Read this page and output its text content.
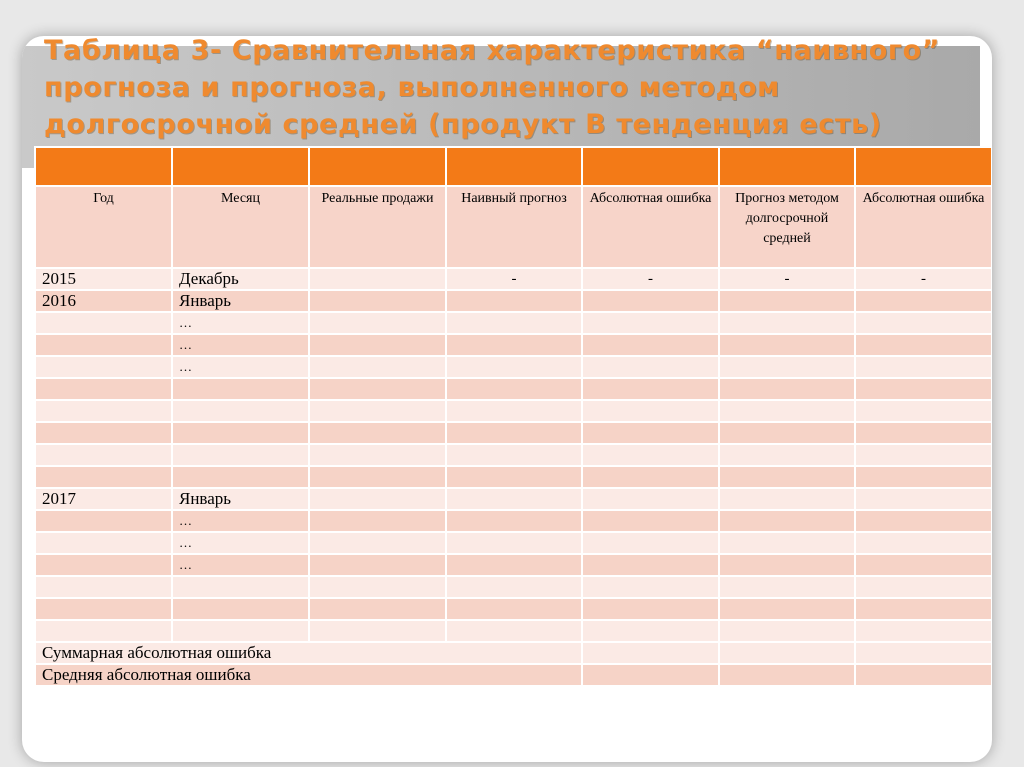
Таблица 3- Сравнительная характеристика “наивного” прогноза и прогноза, выполненного методом долгосрочной средней (продукт В тенденция есть)

Год	Месяц	Реальные продажи	Наивный прогноз	Абсолютная ошибка	Прогноз методом долгосрочной средней	Абсолютная ошибка
2015	Декабрь		-	-	-	-
2016	Январь					
	…					
	…					
	…					

2017	Январь					
	…					
	…					
	…					

Суммарная абсолютная ошибка						
Средняя абсолютная ошибка						
